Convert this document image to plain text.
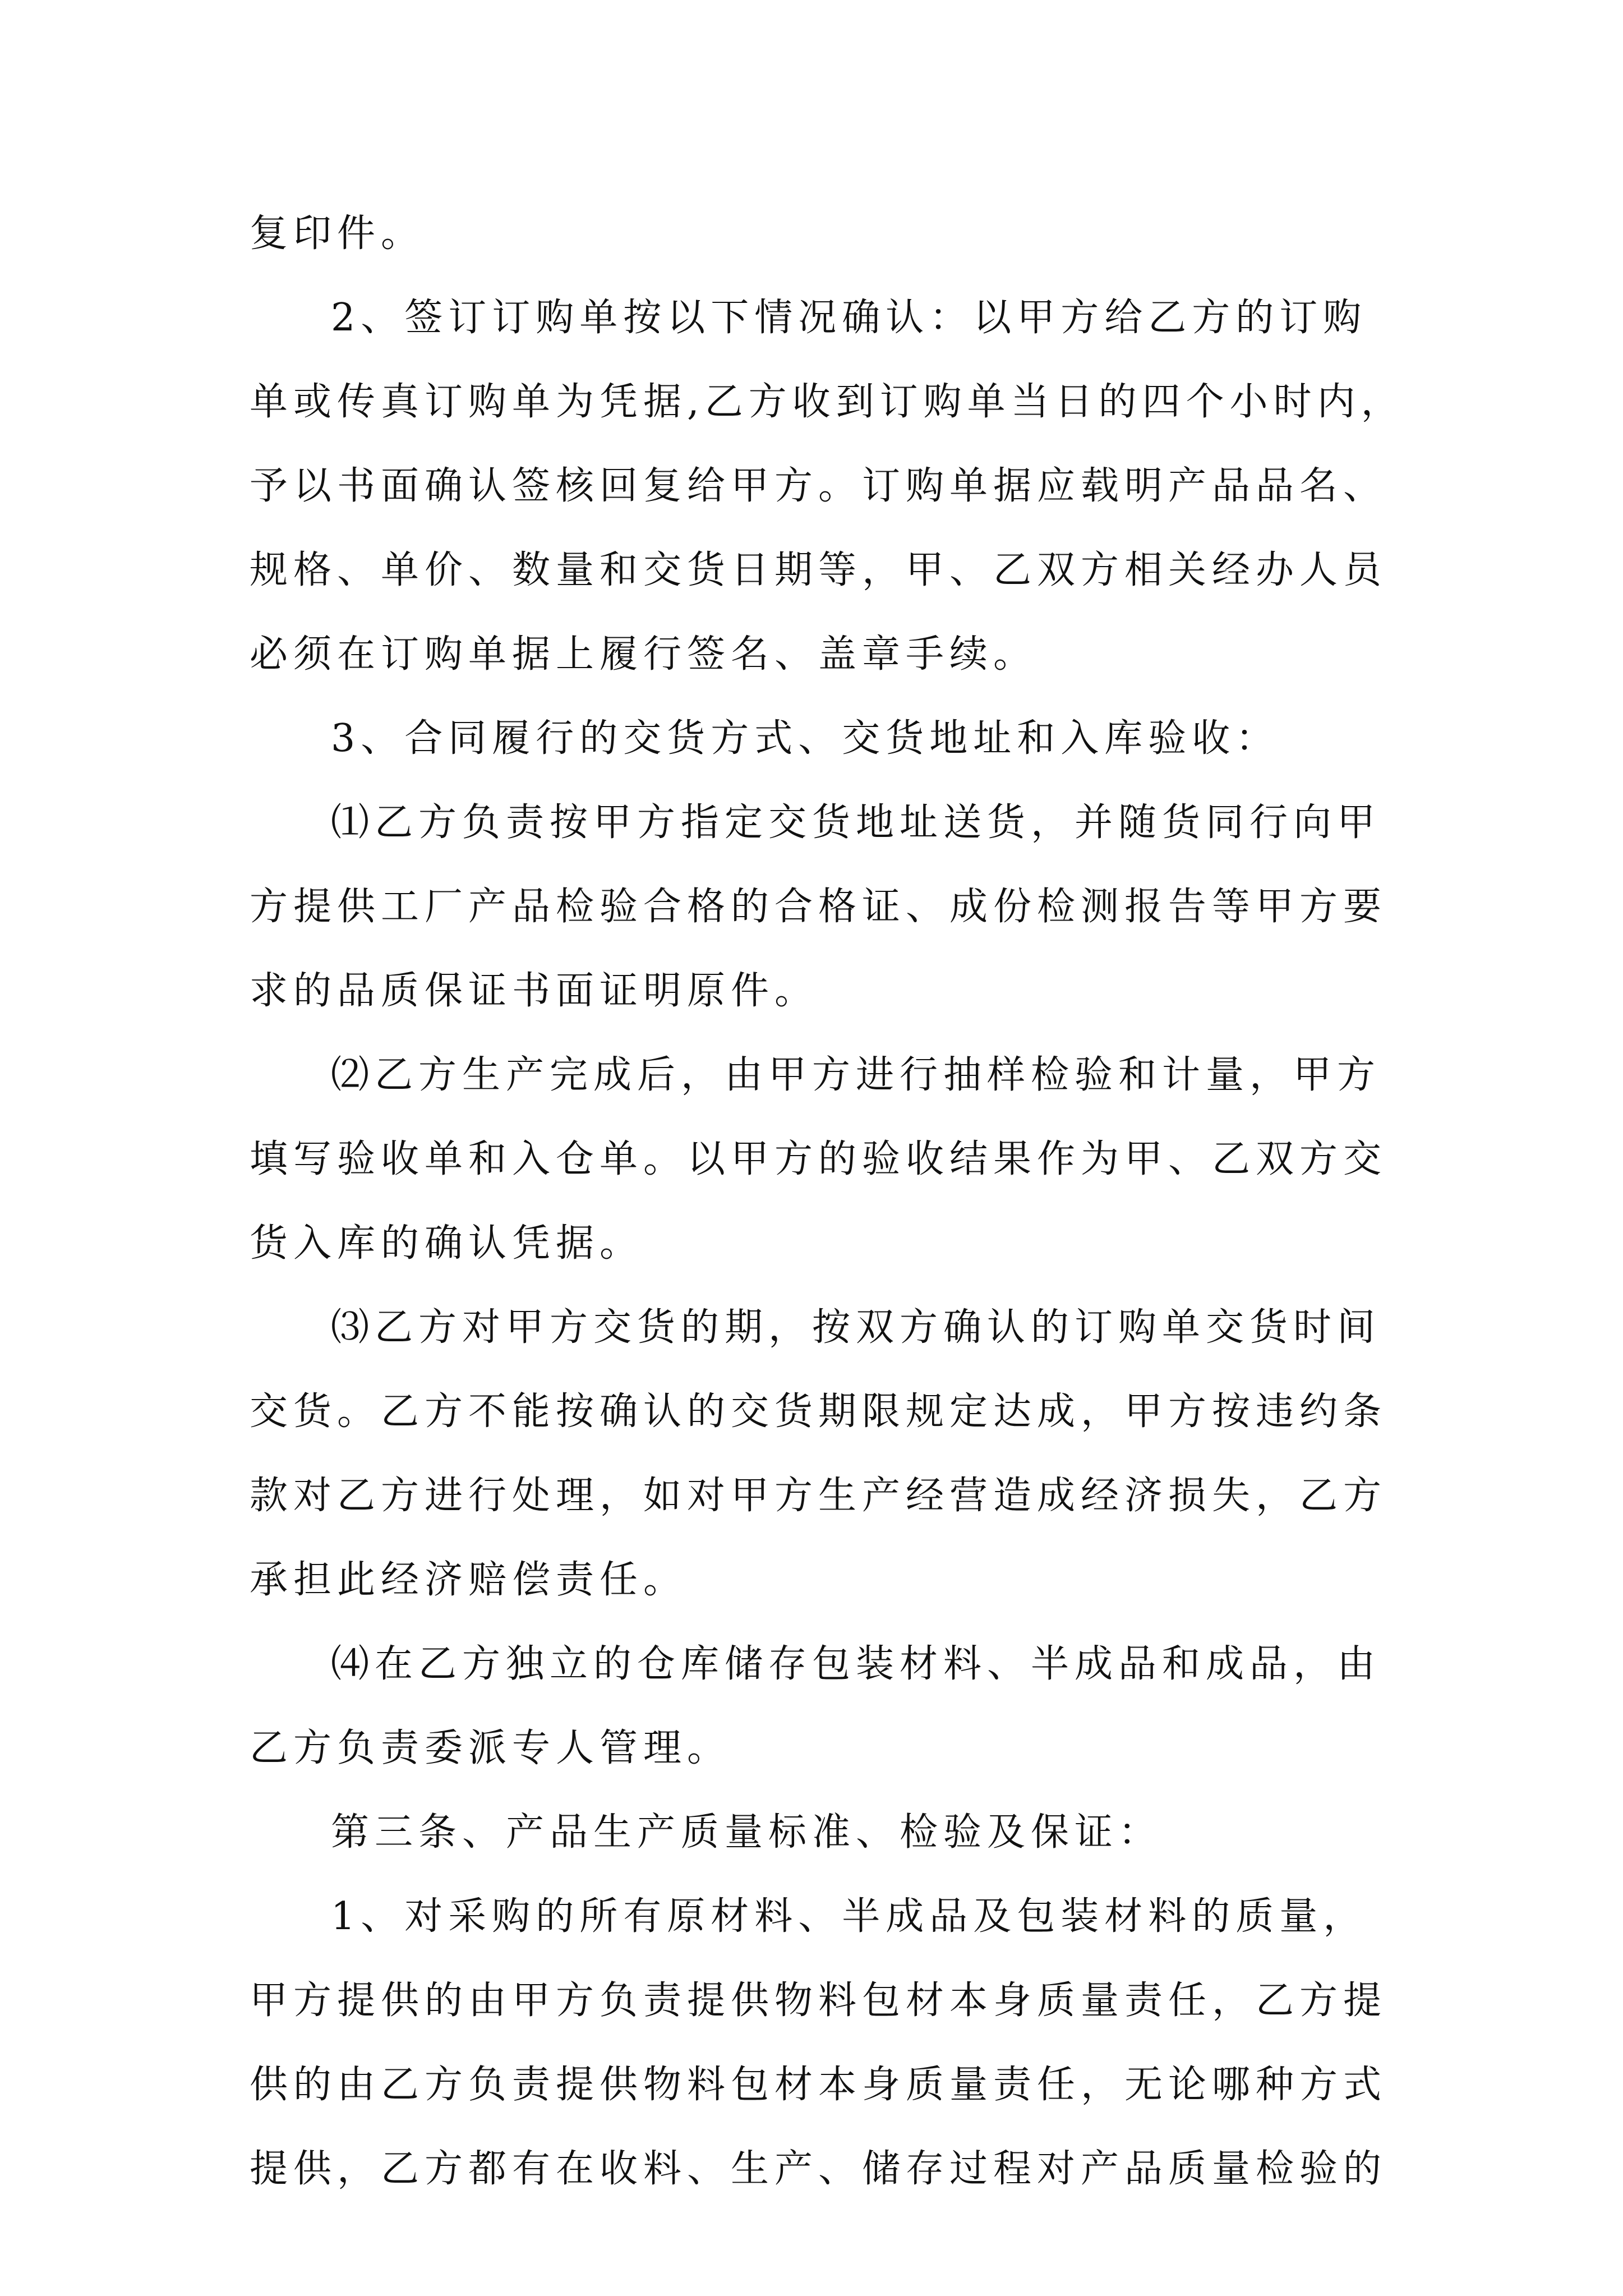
复印件。
2、签订订购单按以下情况确认：以甲方给乙方的订购
单或传真订购单为凭据,乙方收到订购单当日的四个小时内，
予以书面确认签核回复给甲方。订购单据应载明产品品名、
规格、单价、数量和交货日期等，甲、乙双方相关经办人员
必须在订购单据上履行签名、盖章手续。
3、合同履行的交货方式、交货地址和入库验收：
⑴乙方负责按甲方指定交货地址送货，并随货同行向甲
方提供工厂产品检验合格的合格证、成份检测报告等甲方要
求的品质保证书面证明原件。
⑵乙方生产完成后，由甲方进行抽样检验和计量，甲方
填写验收单和入仓单。以甲方的验收结果作为甲、乙双方交
货入库的确认凭据。
⑶乙方对甲方交货的期，按双方确认的订购单交货时间
交货。乙方不能按确认的交货期限规定达成，甲方按违约条
款对乙方进行处理，如对甲方生产经营造成经济损失，乙方
承担此经济赔偿责任。
⑷在乙方独立的仓库储存包装材料、半成品和成品，由
乙方负责委派专人管理。
第三条、产品生产质量标准、检验及保证：
1、对采购的所有原材料、半成品及包装材料的质量，
甲方提供的由甲方负责提供物料包材本身质量责任，乙方提
供的由乙方负责提供物料包材本身质量责任，无论哪种方式
提供，乙方都有在收料、生产、储存过程对产品质量检验的
